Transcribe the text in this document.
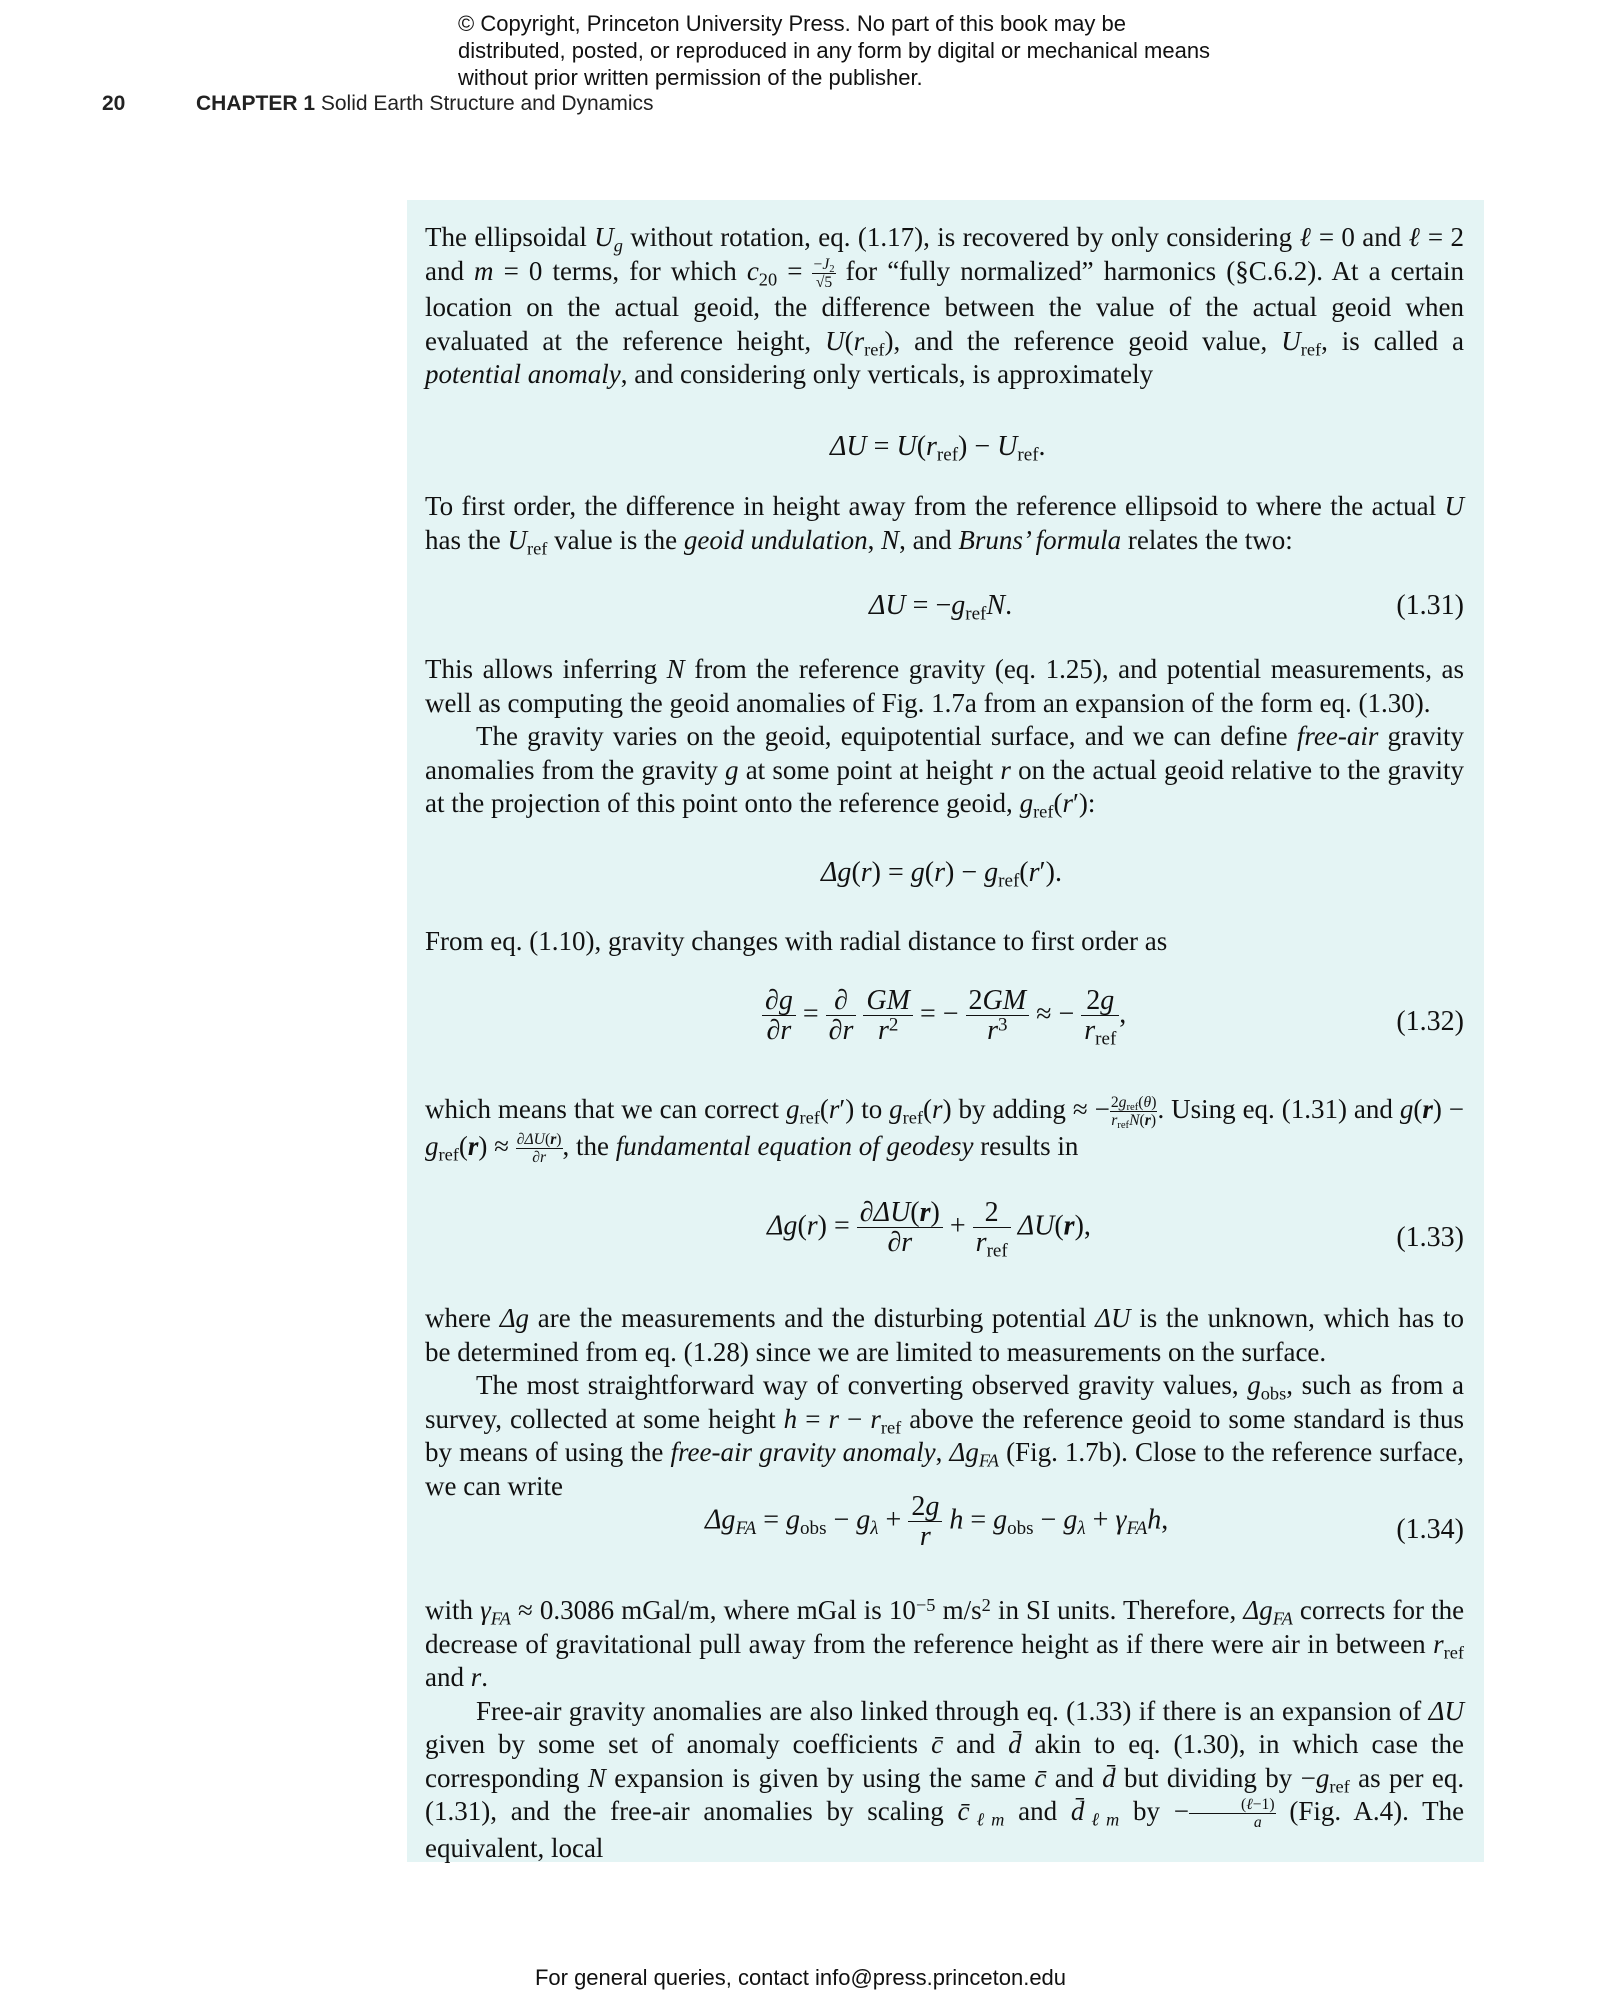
© Copyright, Princeton University Press. No part of this book may be distributed, posted, or reproduced in any form by digital or mechanical means without prior written permission of the publisher.
20	CHAPTER 1 Solid Earth Structure and Dynamics

The ellipsoidal $U_g$ without rotation, eq. (1.17), is recovered by only considering ℓ = 0 and ℓ = 2 and m = 0 terms, for which $c_{20} = \frac{-J_2}{√5}$ for “fully normalized” harmonics (§C.6.2). At a certain location on the actual geoid, the difference between the value of the actual geoid when evaluated at the reference height, $U(r_{ref})$, and the reference geoid value, $U_{ref}$, is called a potential anomaly, and considering only verticals, is approximately

$\Delta U = U(r_{ref}) - U_{ref}$.

To first order, the difference in height away from the reference ellipsoid to where the actual U has the $U_{ref}$ value is the geoid undulation, N, and Bruns’ formula relates the two:

$\Delta U = -g_{ref}N$.	(1.31)

This allows inferring N from the reference gravity (eq. 1.25), and potential measurements, as well as computing the geoid anomalies of Fig. 1.7a from an expansion of the form eq. (1.30).

The gravity varies on the geoid, equipotential surface, and we can define free-air gravity anomalies from the gravity g at some point at height r on the actual geoid relative to the gravity at the projection of this point onto the reference geoid, $g_{ref}(r')$:

$\Delta g(r) = g(r) - g_{ref}(r')$.

From eq. (1.10), gravity changes with radial distance to first order as

$\frac{\partial g}{\partial r} = \frac{\partial}{\partial r}$
$\frac{GM}{r^2}$ = − $\frac{2GM}{r^3}$ ≈ − $\frac{2g}{r_{ref}}$ ,	(1.32)

which means that we can correct $g_{ref}(r')$ to $g_{ref}(r)$ by adding ≈ − $\frac{2g_{ref}(\theta)}{r_{ref}N(r)}$ . Using eq. (1.31) and $g(r) - g_{ref}(r) \approx \frac{\partial\Delta U(r)}{\partial r}$ , the fundamental equation of geodesy results in

$\Delta g(r) = \frac{\partial\Delta U(r)}{\partial r} + \frac{2}{r_{ref}} \Delta U(r)$,	(1.33)

where Δg are the measurements and the disturbing potential ΔU is the unknown, which has to be determined from eq. (1.28) since we are limited to measurements on the surface.

The most straightforward way of converting observed gravity values, $g_{obs}$, such as from a survey, collected at some height $h = r - r_{ref}$ above the reference geoid to some standard is thus by means of using the free-air gravity anomaly, $\Delta g_{FA}$ (Fig. 1.7b). Close to the reference surface, we can write

$\Delta g_{FA} = g_{obs} - g_\lambda + \frac{2g}{r}$ $h = g_{obs} - g_\lambda + \gamma_{FA}h$,	(1.34)

with $\gamma_{FA} \approx 0.3086$ mGal/m, where mGal is $10^{-5}$ $m/s^2$ in SI units. Therefore, $\Delta g_{FA}$ corrects for the decrease of gravitational pull away from the reference height as if there were air in between $r_{ref}$ and r.

Free-air gravity anomalies are also linked through eq. (1.33) if there is an expansion of ΔU given by some set of anomaly coefficients c̄ and d̄ akin to eq. (1.30), in which case the corresponding N expansion is given by using the same c̄ and d̄ but dividing by $-g_{ref}$ as per eq. (1.31), and the free-air anomalies by scaling $c̄_{\ell m}$ and $d̄_{\ell m}$ by − $\frac{\text{(ℓ−1)}}{a} (Fig$. A.4). The equivalent, local

For general queries, contact info@press.princeton.edu
